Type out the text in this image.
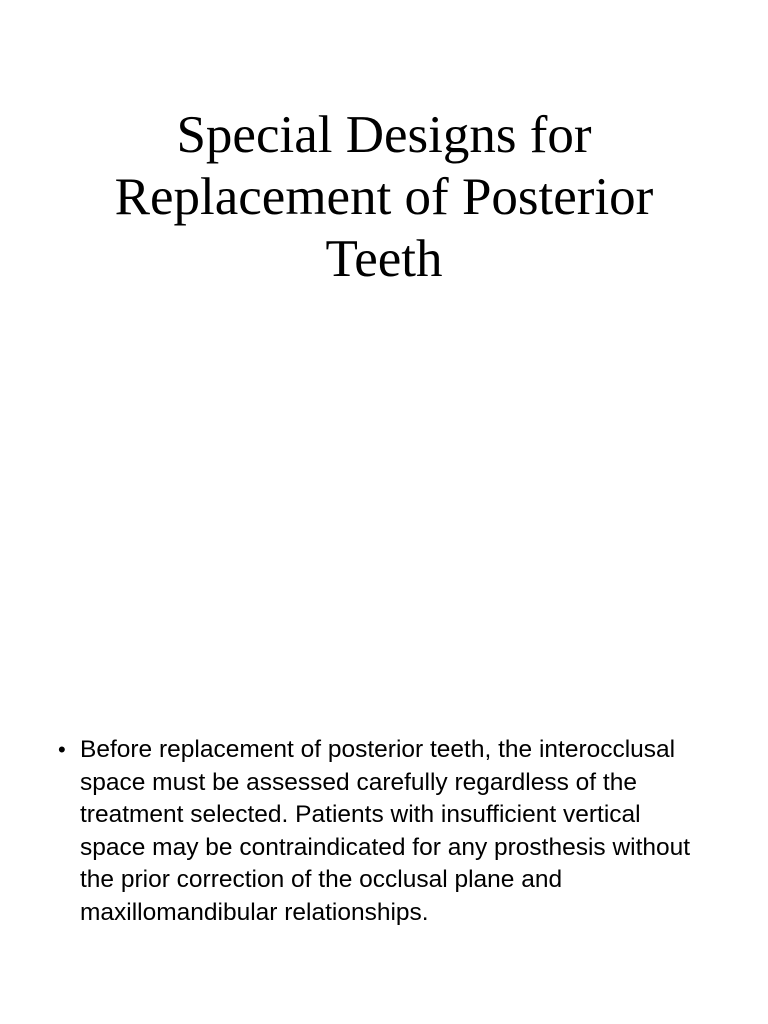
Special Designs for Replacement of Posterior Teeth
• Before replacement of posterior teeth, the interocclusal space must be assessed carefully regardless of the treatment selected. Patients with insufficient vertical space may be contraindicated for any prosthesis without the prior correction of the occlusal plane and maxillomandibular relationships.
